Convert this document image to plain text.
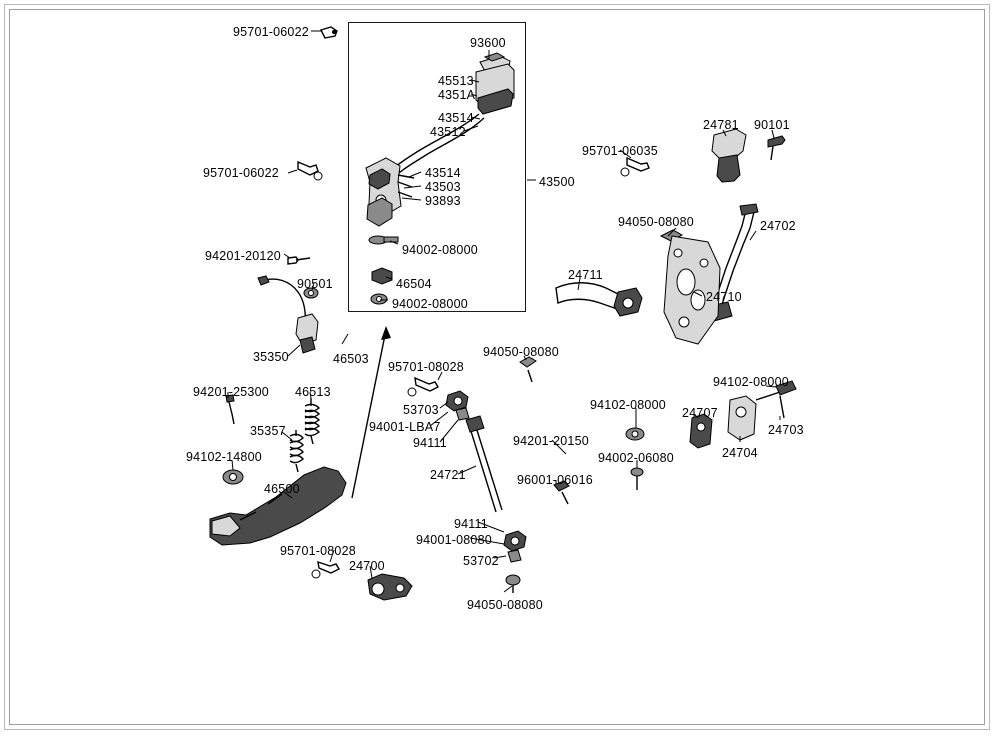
95701-06022
93600
45513
4351A
43514
43512	24781 90101
95701-06035
95701-06022	43514
43503
93893
43500
94050-08080	24702
94201-20120	94002-08000
24711
90501	46504
24710
94002-08000
35350	46503	94050-08080
95701-08028
94102-08000
94201-25300 46513
94102-08000
24707
53703
24703
94001-LBA7
35357
94111	94201-20150
24704
94102-14800	94002-06080
24721	96001-06016
46500
94111
94001-08080
53702
95701-08028
24700
94050-08080
